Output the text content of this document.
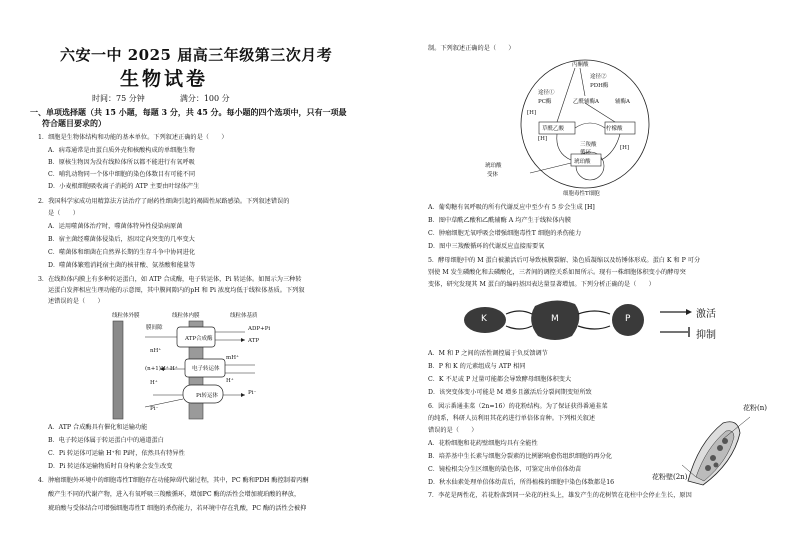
六安一中 2025 届高三年级第三次月考
生物试卷
时间：75 分钟	满分：100 分
一、单项选择题（共 15 小题，每题 3 分，共 45 分。每小题的四个选项中，只有一项最
符合题目要求的）
1．细胞是生物体结构和功能的基本单位。下列叙述正确的是（　　）
A．病毒通常是由蛋白质外壳和核酸构成的单细胞生物
B．原核生物因为没有线粒体所以都不能进行有氧呼吸
C．哺乳动物同一个体中细胞的染色体数目有可能不同
D．小麦根细胞吸收离子消耗的 ATP 主要由叶绿体产生
2．我国科学家成功用精算法方法治疗了耐药性细菌引起的褐圆性尿路感染。下列叙述错误的
是（　　）
A．运用噬菌体治疗时，噬菌体特异性侵染病原菌
B．宿主菌经噬菌体侵染后，基因定向突变的几率变大
C．噬菌体和细菌在自然界长期的生存斗争中协同进化
D．噬菌体繁殖消耗宿主菌的核苷酸、氨基酸和能量等
3．在线粒体内膜上有多种转运蛋白，如 ATP 合成酶，电子转运体，Pi 转运体。如图示为三种转
运蛋白发挥相应生理功能的示意图，其中膜间隙内的pH 和 Pi 浓度均低于线粒体基质。下列叙
述错误的是（　　）
线粒体外膜	线粒体内膜	线粒体基质
膜间隙
ATP合成酶
电子转运体
Pi转运体
ADP+Pi
ATP
nH⁺
(n+1)H⁺ H⁺
mH⁺
H⁺	H⁺
Pi⁻
Pi⁻
A．ATP 合成酶具有催化和运输功能
B．电子转运体属于转运蛋白中的通道蛋白
C．Pi 转运体可运输 H⁺和 Pi时，依然具有特异性
D．Pi 转运体运输物质时自身构象会发生改变
4．肿瘤细胞外环境中的细胞毒性T细胞存在功能障碍代谢过程，其中，PC 酶和PDH 酶控制着丙酮
酸产生不同的代谢产物，进入有氧呼吸三羧酸循环，增加PC 酶的活性会增加琥珀酸的释放，
琥珀酸与受体结合可增强细胞毒性T 细胞的杀伤能力，若环境中存在乳酸，PC 酶的活性会被抑
制。下列叙述正确的是（　　）
丙酮酸
途径②
PDH酶
途径①
PC酶	乙酰辅酶A	辅酶A
草酰乙酸	柠檬酸
三羧酸
循环
琥珀酸
琥珀酸
受体
[H]
[H]
[H]
细胞毒性T细胞
A．葡萄糖有氧呼吸的所有代谢反应中至少有 5 步会生成 [H]
B．图中草酰乙酸和乙酰辅酶 A 均产生于线粒体内膜
C．肿瘤细胞无氧呼吸会增强细胞毒性T 细胞的杀伤能力
D．图中三羧酸循环的代谢反应直接需要氧
5．酵母细胞中的 M 蛋白被激活后可导致核膜裂解、染色质凝缩以及纺锤体形成。蛋白 K 和 P 可分
别使 M 发生磷酸化和去磷酸化，三者间的调控关系如图所示。现有一株细胞体积变小的酵母突
变体，研究发现其 M 蛋白的编码基因表达量显著增加。下列分析正确的是（　　）
K	M	P	激活
抑制
A．M 和 P 之间的活性调控属于负反馈调节
B．P 和 K 的元素组成与 ATP 相同
C．K 不足或 P 过量可能都会导致酵母细胞体积变大
D．该突变体变小可能是 M 增多且激活后分裂间期变短所致
6．図示番通韭菜（2n=16）的花粉结构。为了保证获得番通韭菜
的纯系，科研人员利用其花药进行单倍体育种。下列相关叙述
错误的是（　　）
A．花粉细胞和花药壁细胞均具有全能性
B．培养基中生长素与细胞分裂素的比例影响愈伤组织细胞的再分化
C．镜检根尖分生区细胞的染色体，可鉴定出单倍体幼苗
D．秋水仙素处理单倍体幼苗后，所得植株的细胞中染色体数都是16
花粉(n)
花粉壁(2n)
7．李花是两性花，若花粉落到同一朵花的柱头上，雄发产生的花树管在花柱中会停止生长，原因
